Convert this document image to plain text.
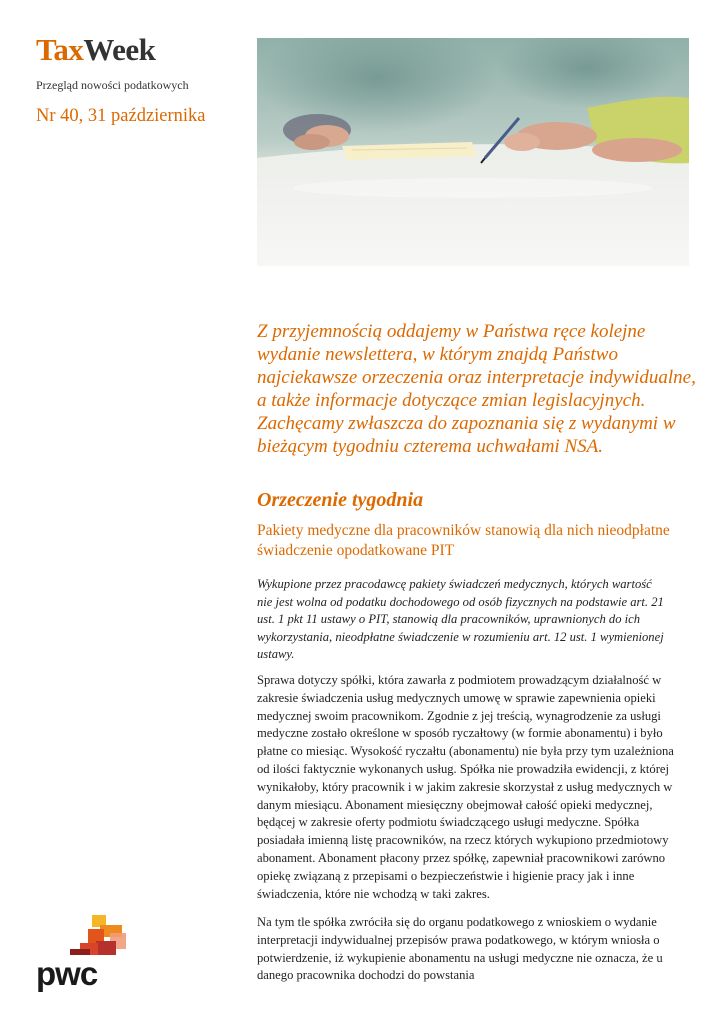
TaxWeek
Przegląd nowości podatkowych
Nr 40, 31 października
Z przyjemnością oddajemy w Państwa ręce kolejne wydanie newslettera, w którym znajdą Państwo najciekawsze orzeczenia oraz interpretacje indywidualne, a także informacje dotyczące zmian legislacyjnych. Zachęcamy zwłaszcza do zapoznania się z wydanymi w bieżącym tygodniu czterema uchwałami NSA.
Orzeczenie tygodnia
Pakiety medyczne dla pracowników stanowią dla nich nieodpłatne świadczenie opodatkowane PIT
Wykupione przez pracodawcę pakiety świadczeń medycznych, których wartość nie jest wolna od podatku dochodowego od osób fizycznych na podstawie art. 21 ust. 1 pkt 11 ustawy o PIT, stanowią dla pracowników, uprawnionych do ich wykorzystania, nieodpłatne świadczenie w rozumieniu art. 12 ust. 1 wymienionej ustawy.
Sprawa dotyczy spółki, która zawarła z podmiotem prowadzącym działalność w zakresie świadczenia usług medycznych umowę w sprawie zapewnienia opieki medycznej swoim pracownikom. Zgodnie z jej treścią, wynagrodzenie za usługi medyczne zostało określone w sposób ryczałtowy (w formie abonamentu) i było płatne co miesiąc. Wysokość ryczałtu (abonamentu) nie była przy tym uzależniona od ilości faktycznie wykonanych usług. Spółka nie prowadziła ewidencji, z której wynikałoby, który pracownik i w jakim zakresie skorzystał z usług medycznych w danym miesiącu. Abonament miesięczny obejmował całość opieki medycznej, będącej w zakresie oferty podmiotu świadczącego usługi medyczne. Spółka posiadała imienną listę pracowników, na rzecz których wykupiono przedmiotowy abonament. Abonament płacony przez spółkę, zapewniał pracownikowi zarówno opiekę związaną z przepisami o bezpieczeństwie i higienie pracy jak i inne świadczenia, które nie wchodzą w taki zakres.
Na tym tle spółka zwróciła się do organu podatkowego z wnioskiem o wydanie interpretacji indywidualnej przepisów prawa podatkowego, w którym wniosła o potwierdzenie, iż wykupienie abonamentu na usługi medyczne nie oznacza, że u danego pracownika dochodzi do powstania
pwc
